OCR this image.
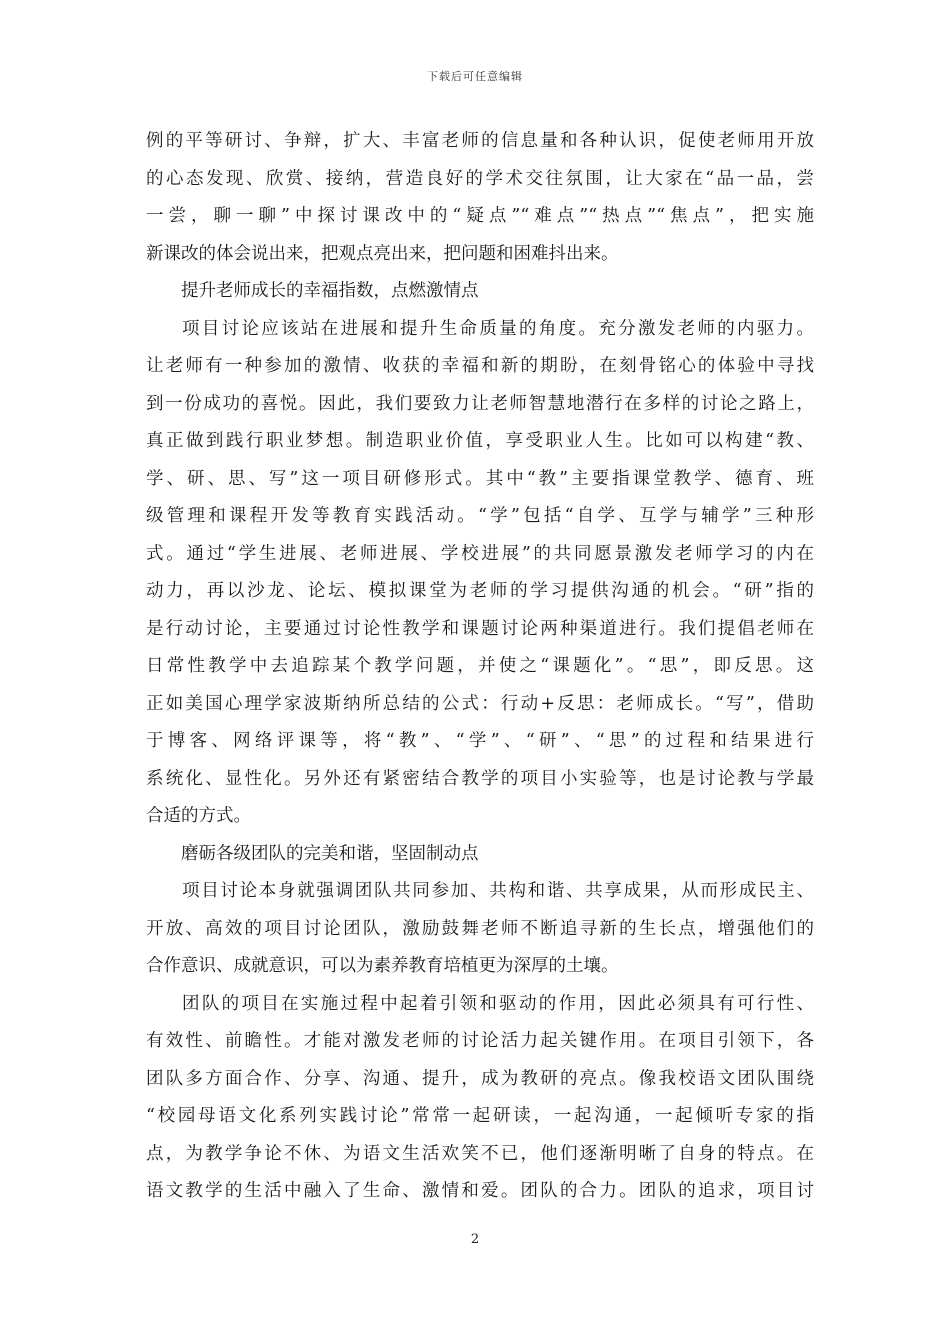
下载后可任意编辑
例的平等研讨、争辩，扩大、丰富老师的信息量和各种认识，促使老师用开放
的心态发现、欣赏、接纳，营造良好的学术交往氛围，让大家在“品一品，尝
一尝，聊一聊”中探讨课改中的“疑点”“难点”“热点”“焦点”，把实施
新课改的体会说出来，把观点亮出来，把问题和困难抖出来。
提升老师成长的幸福指数，点燃激情点
项目讨论应该站在进展和提升生命质量的角度。充分激发老师的内驱力。
让老师有一种参加的激情、收获的幸福和新的期盼，在刻骨铭心的体验中寻找
到一份成功的喜悦。因此，我们要致力让老师智慧地潜行在多样的讨论之路上，
真正做到践行职业梦想。制造职业价值，享受职业人生。比如可以构建“教、
学、研、思、写”这一项目研修形式。其中“教”主要指课堂教学、德育、班
级管理和课程开发等教育实践活动。“学”包括“自学、互学与辅学”三种形
式。通过“学生进展、老师进展、学校进展”的共同愿景激发老师学习的内在
动力，再以沙龙、论坛、模拟课堂为老师的学习提供沟通的机会。“研”指的
是行动讨论，主要通过讨论性教学和课题讨论两种渠道进行。我们提倡老师在
日常性教学中去追踪某个教学问题，并使之“课题化”。“思”，即反思。这
正如美国心理学家波斯纳所总结的公式：行动+反思：老师成长。“写”，借助
于博客、网络评课等，将“教”、“学”、“研”、“思”的过程和结果进行
系统化、显性化。另外还有紧密结合教学的项目小实验等，也是讨论教与学最
合适的方式。
磨砺各级团队的完美和谐，坚固制动点
项目讨论本身就强调团队共同参加、共构和谐、共享成果，从而形成民主、
开放、高效的项目讨论团队，激励鼓舞老师不断追寻新的生长点，增强他们的
合作意识、成就意识，可以为素养教育培植更为深厚的土壤。
团队的项目在实施过程中起着引领和驱动的作用，因此必须具有可行性、
有效性、前瞻性。才能对激发老师的讨论活力起关键作用。在项目引领下，各
团队多方面合作、分享、沟通、提升，成为教研的亮点。像我校语文团队围绕
“校园母语文化系列实践讨论”常常一起研读，一起沟通，一起倾听专家的指
点，为教学争论不休、为语文生活欢笑不已，他们逐渐明晰了自身的特点。在
语文教学的生活中融入了生命、激情和爱。团队的合力。团队的追求，项目讨
2
